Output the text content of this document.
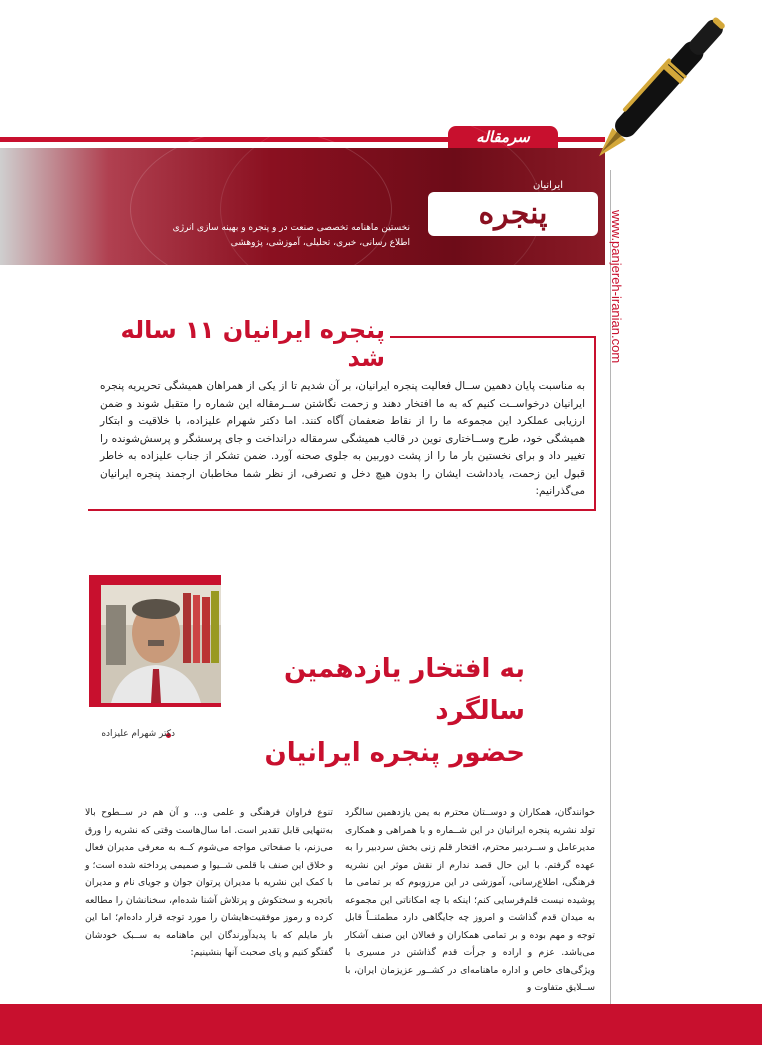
سرمقاله
ایرانیان
پنجره
نخستین ماهنامه تخصصی صنعت در و پنجره و بهینه سازی انرژی
اطلاع رسانی، خبری، تحلیلی، آموزشی، پژوهشی	www.panjereh-iranian.com
پنجره ایرانیان ۱۱ ساله شد
به مناسبت پایان دهمین ســال فعالیت پنجره ایرانیان، بر آن شدیم تا از یکی از همراهان همیشگی تحریریه پنجره ایرانیان درخواســت کنیم که به ما افتخار دهند و زحمت نگاشتن ســرمقاله این شماره را متقبل شوند و ضمن ارزیابی عملکرد این مجموعه ما را از نقاط ضعفمان آگاه کنند. اما دکتر شهرام علیزاده، با خلاقیت و ابتکار همیشگی خود، طرح وســاختاری نوین در قالب همیشگی سرمقاله درانداخت و جای پرسشگر و پرسش‌شونده را تغییر داد و برای نخستین بار ما را از پشت دوربین به جلوی صحنه آورد. ضمن تشکر از جناب علیزاده به خاطر قبول این زحمت، یادداشت ایشان را بدون هیچ دخل و تصرفی، از نظر شما مخاطبان ارجمند پنجره ایرانیان می‌گذرانیم:
دکتر شهرام علیزاده
به افتخار یازدهمین سالگرد
حضور پنجره ایرانیان
خوانندگان، همکاران و دوســتان محترم به یمن یازدهمین سالگرد تولد نشریه پنجره ایرانیان در این شــماره و با همراهی و همکاری مدیرعامل و ســردبیر محترم، افتخار قلم زنی بخش سردبیر را به عهده گرفتم. با این حال قصد ندارم از نقش موثر این نشریه فرهنگی، اطلاع‌رسانی، آموزشی در این مرزوبوم که بر تمامی ما پوشیده نیست قلم‌فرسایی کنم؛ اینکه با چه امکاناتی این مجموعه به میدان قدم گذاشت و امروز چه جایگاهی دارد مطمئنــاً قابل توجه و مهم بوده و بر تمامی همکاران و فعالان این صنف آشکار می‌باشد. عزم و اراده و جرأت قدم گذاشتن در مسیری با ویژگی‌های خاص و اداره ماهنامه‌ای در کشــور عزیزمان ایران، با ســلایق متفاوت و
تنوع فراوان فرهنگی و علمی و... و آن هم در ســطوح بالا به‌تنهایی قابل تقدیر است. اما سال‌هاست وقتی که نشریه را ورق می‌زنم، با صفحاتی مواجه می‌شوم کــه به معرفی مدیران فعال و خلاق این صنف با قلمی شــیوا و صمیمی پرداخته شده است؛ و با کمک این نشریه با مدیران پرتوان جوان و جویای نام و مدیران باتجربه و سختکوش و پرتلاش آشنا شده‌ام، سخنانشان را مطالعه کرده و رموز موفقیت‌هایشان را مورد توجه قرار داده‌ام؛ اما این بار مایلم که با پدیدآورندگان این ماهنامه به ســبک خودشان گفتگو کنیم و پای صحبت آنها بنشینیم:
